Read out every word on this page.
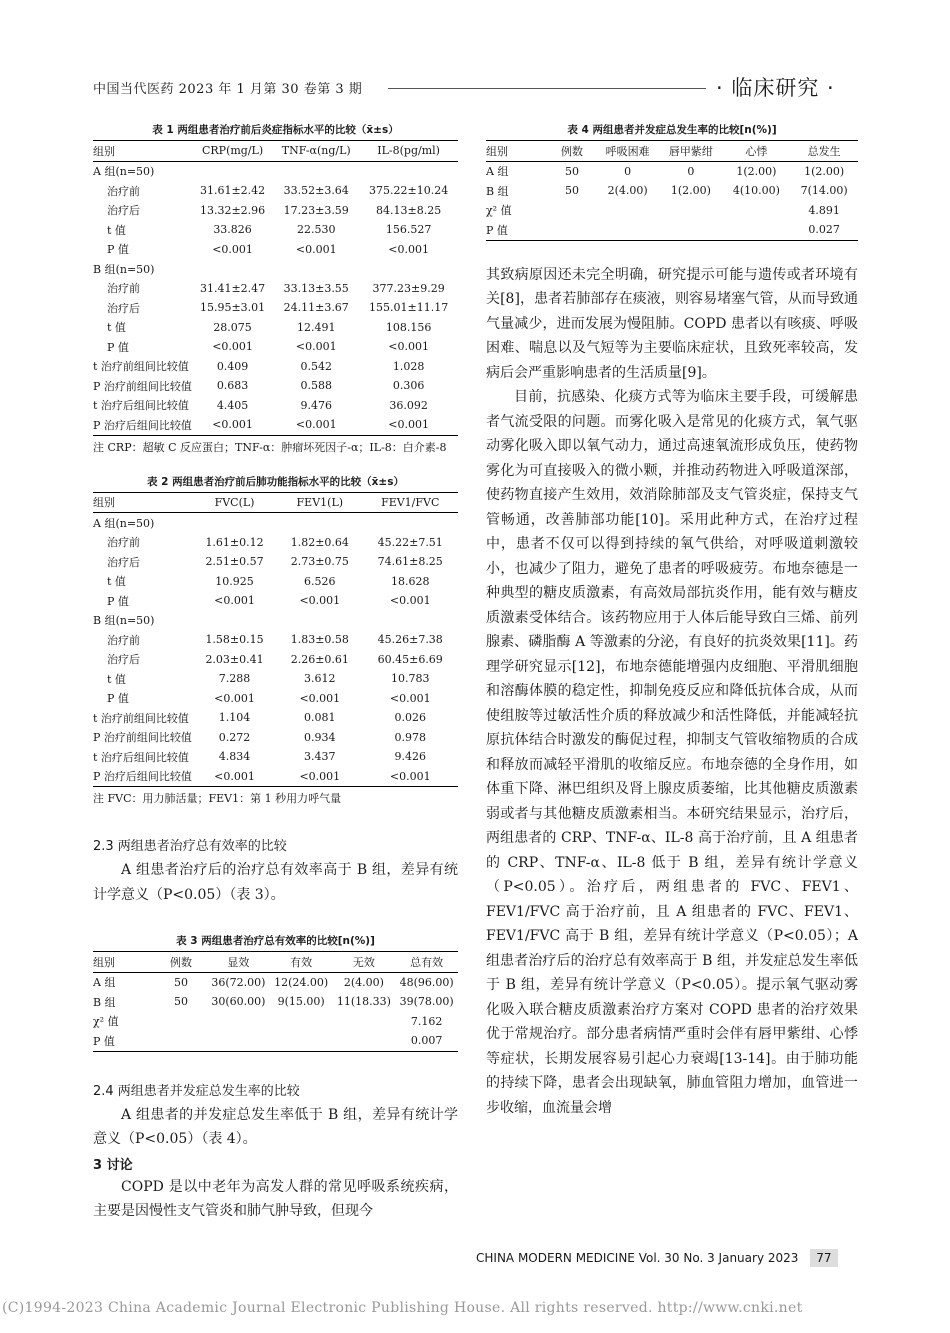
中国当代医药 2023 年 1 月第 30 卷第 3 期	· 临床研究 ·
表 1 两组患者治疗前后炎症指标水平的比较（x̄±s）
组别	CRP(mg/L)	TNF-α(ng/L)	IL-8(pg/ml)
A 组(n=50)			
治疗前	31.61±2.42	33.52±3.64	375.22±10.24
治疗后	13.32±2.96	17.23±3.59	84.13±8.25
t 值	33.826	22.530	156.527
P 值	<0.001	<0.001	<0.001
B 组(n=50)			
治疗前	31.41±2.47	33.13±3.55	377.23±9.29
治疗后	15.95±3.01	24.11±3.67	155.01±11.17
t 值	28.075	12.491	108.156
P 值	<0.001	<0.001	<0.001
t 治疗前组间比较值	0.409	0.542	1.028
P 治疗前组间比较值	0.683	0.588	0.306
t 治疗后组间比较值	4.405	9.476	36.092
P 治疗后组间比较值	<0.001	<0.001	<0.001
注 CRP：超敏 C 反应蛋白；TNF-α：肿瘤坏死因子-α；IL-8：白介素-8
表 2 两组患者治疗前后肺功能指标水平的比较（x̄±s）
组别	FVC(L)	FEV1(L)	FEV1/FVC
A 组(n=50)			
治疗前	1.61±0.12	1.82±0.64	45.22±7.51
治疗后	2.51±0.57	2.73±0.75	74.61±8.25
t 值	10.925	6.526	18.628
P 值	<0.001	<0.001	<0.001
B 组(n=50)			
治疗前	1.58±0.15	1.83±0.58	45.26±7.38
治疗后	2.03±0.41	2.26±0.61	60.45±6.69
t 值	7.288	3.612	10.783
P 值	<0.001	<0.001	<0.001
t 治疗前组间比较值	1.104	0.081	0.026
P 治疗前组间比较值	0.272	0.934	0.978
t 治疗后组间比较值	4.834	3.437	9.426
P 治疗后组间比较值	<0.001	<0.001	<0.001
注 FVC：用力肺活量；FEV1：第 1 秒用力呼气量
2.3 两组患者治疗总有效率的比较

A 组患者治疗后的治疗总有效率高于 B 组，差异有统计学意义（P<0.05）（表 3）。

表 3 两组患者治疗总有效率的比较[n(%)]
组别	例数	显效	有效	无效	总有效
A 组	50	36(72.00)	12(24.00)	2(4.00)	48(96.00)
B 组	50	30(60.00)	9(15.00)	11(18.33)	39(78.00)
χ² 值					7.162
P 值					0.007
2.4 两组患者并发症总发生率的比较

A 组患者的并发症总发生率低于 B 组，差异有统计学意义（P<0.05）（表 4）。

3 讨论

COPD 是以中老年为高发人群的常见呼吸系统疾病，主要是因慢性支气管炎和肺气肿导致，但现今

表 4 两组患者并发症总发生率的比较[n(%)]
组别	例数	呼吸困难	唇甲紫绀	心悸	总发生
A 组	50	0	0	1(2.00)	1(2.00)
B 组	50	2(4.00)	1(2.00)	4(10.00)	7(14.00)
χ² 值					4.891
P 值					0.027

其致病原因还未完全明确，研究提示可能与遗传或者环境有关[8]，患者若肺部存在痰液，则容易堵塞气管，从而导致通气量减少，进而发展为慢阻肺。COPD 患者以有咳痰、呼吸困难、喘息以及气短等为主要临床症状，且致死率较高，发病后会严重影响患者的生活质量[9]。

目前，抗感染、化痰方式等为临床主要手段，可缓解患者气流受限的问题。而雾化吸入是常见的化痰方式，氧气驱动雾化吸入即以氧气动力，通过高速氧流形成负压，使药物雾化为可直接吸入的微小颗，并推动药物进入呼吸道深部，使药物直接产生效用，效消除肺部及支气管炎症，保持支气管畅通，改善肺部功能[10]。采用此种方式，在治疗过程中，患者不仅可以得到持续的氧气供给，对呼吸道刺激较小，也减少了阻力，避免了患者的呼吸疲劳。布地奈德是一种典型的糖皮质激素，有高效局部抗炎作用，能有效与糖皮质激素受体结合。该药物应用于人体后能导致白三烯、前列腺素、磷脂酶 A 等激素的分泌，有良好的抗炎效果[11]。药理学研究显示[12]，布地奈德能增强内皮细胞、平滑肌细胞和溶酶体膜的稳定性，抑制免疫反应和降低抗体合成，从而使组胺等过敏活性介质的释放减少和活性降低，并能减轻抗原抗体结合时激发的酶促过程，抑制支气管收缩物质的合成和释放而减轻平滑肌的收缩反应。布地奈德的全身作用，如体重下降、淋巴组织及肾上腺皮质萎缩，比其他糖皮质激素弱或者与其他糖皮质激素相当。本研究结果显示，治疗后，两组患者的 CRP、TNF-α、IL-8 高于治疗前，且 A 组患者的 CRP、TNF-α、IL-8 低于 B 组，差异有统计学意义（P<0.05）。治疗后，两组患者的 FVC、FEV1、FEV1/FVC 高于治疗前，且 A 组患者的 FVC、FEV1、FEV1/FVC 高于 B 组，差异有统计学意义（P<0.05）；A 组患者治疗后的治疗总有效率高于 B 组，并发症总发生率低于 B 组，差异有统计学意义（P<0.05）。提示氧气驱动雾化吸入联合糖皮质激素治疗方案对 COPD 患者的治疗效果优于常规治疗。部分患者病情严重时会伴有唇甲紫绀、心悸等症状，长期发展容易引起心力衰竭[13-14]。由于肺功能的持续下降，患者会出现缺氧，肺血管阻力增加，血管进一步收缩，血流量会增

CHINA MODERN MEDICINE Vol. 30 No. 3 January 2023 77
(C)1994-2023 China Academic Journal Electronic Publishing House. All rights reserved. http://www.cnki.net
